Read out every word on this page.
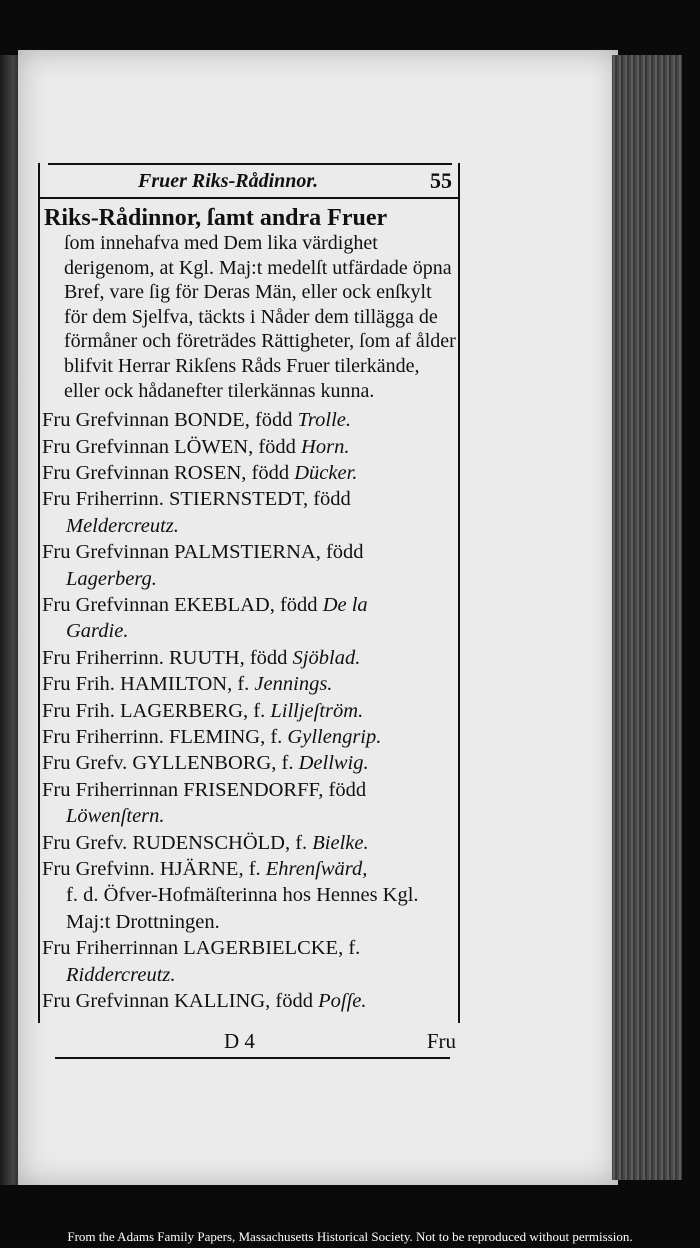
Fruer Riks-Rådinnor.	55
Riks-Rådinnor, ſamt andra Fruer
ſom innehafva med Dem lika värdighet derigenom, at Kgl. Maj:t medelſt utfärdade öpna Bref, vare ſig för Deras Män, eller ock enſkylt för dem Sjelfva, täckts i Nåder dem tillägga de förmåner och företrädes Rättigheter, ſom af ålder blifvit Herrar Rikſens Råds Fruer tilerkände, eller ock hådanefter tilerkännas kunna.
Fru Grefvinnan BONDE, född Trolle.
Fru Grefvinnan LÖWEN, född Horn.
Fru Grefvinnan ROSEN, född Dücker.
Fru Friherrinn. STIERNSTEDT, född
Meldercreutz.
Fru Grefvinnan PALMSTIERNA, född
Lagerberg.
Fru Grefvinnan EKEBLAD, född De la
Gardie.
Fru Friherrinn. RUUTH, född Sjöblad.
Fru Frih. HAMILTON, f. Jennings.
Fru Frih. LAGERBERG, f. Lilljeſtröm.
Fru Friherrinn. FLEMING, f. Gyllengrip.
Fru Grefv. GYLLENBORG, f. Dellwig.
Fru Friherrinnan FRISENDORFF, född
Löwenſtern.
Fru Grefv. RUDENSCHÖLD, f. Bielke.
Fru Grefvinn. HJÄRNE, f. Ehrenſwärd,
f. d. Öfver-Hofmäſterinna hos Hennes Kgl. Maj:t Drottningen.
Fru Friherrinnan LAGERBIELCKE, f.
Riddercreutz.
Fru Grefvinnan KALLING, född Poſſe.
D 4	Fru
From the Adams Family Papers, Massachusetts Historical Society. Not to be reproduced without permission.
